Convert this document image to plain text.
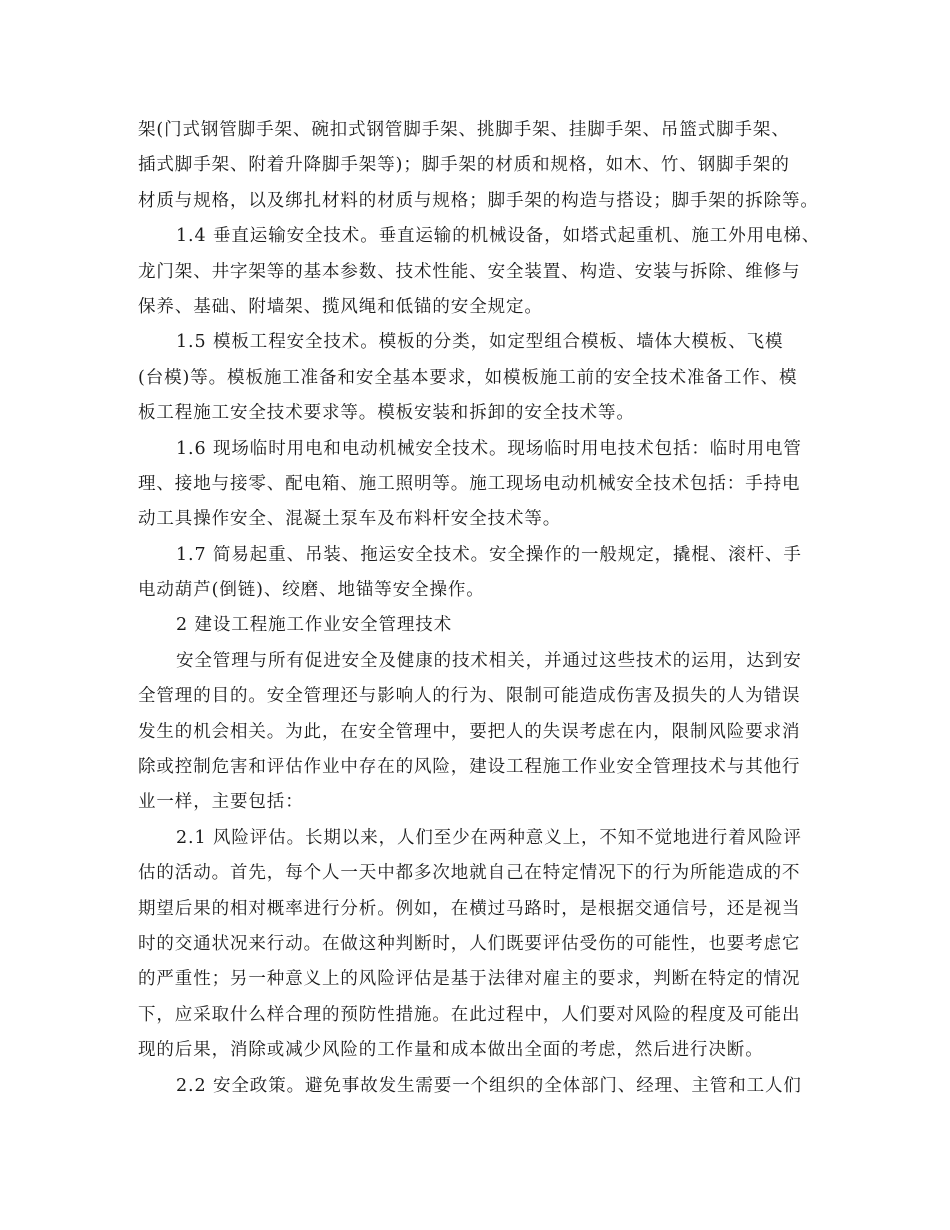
架(门式钢管脚手架、碗扣式钢管脚手架、挑脚手架、挂脚手架、吊篮式脚手架、

插式脚手架、附着升降脚手架等)；脚手架的材质和规格，如木、竹、钢脚手架的

材质与规格，以及绑扎材料的材质与规格；脚手架的构造与搭设；脚手架的拆除等。

1.4 垂直运输安全技术。垂直运输的机械设备，如塔式起重机、施工外用电梯、

龙门架、井字架等的基本参数、技术性能、安全装置、构造、安装与拆除、维修与

保养、基础、附墙架、揽风绳和低锚的安全规定。

1.5 模板工程安全技术。模板的分类，如定型组合模板、墙体大模板、飞模

(台模)等。模板施工准备和安全基本要求，如模板施工前的安全技术准备工作、模

板工程施工安全技术要求等。模板安装和拆卸的安全技术等。

1.6 现场临时用电和电动机械安全技术。现场临时用电技术包括：临时用电管

理、接地与接零、配电箱、施工照明等。施工现场电动机械安全技术包括：手持电

动工具操作安全、混凝土泵车及布料杆安全技术等。

1.7 简易起重、吊装、拖运安全技术。安全操作的一般规定，撬棍、滚杆、手

电动葫芦(倒链)、绞磨、地锚等安全操作。

2 建设工程施工作业安全管理技术

安全管理与所有促进安全及健康的技术相关，并通过这些技术的运用，达到安

全管理的目的。安全管理还与影响人的行为、限制可能造成伤害及损失的人为错误

发生的机会相关。为此，在安全管理中，要把人的失误考虑在内，限制风险要求消

除或控制危害和评估作业中存在的风险，建设工程施工作业安全管理技术与其他行

业一样，主要包括：

2.1 风险评估。长期以来，人们至少在两种意义上，不知不觉地进行着风险评

估的活动。首先，每个人一天中都多次地就自己在特定情况下的行为所能造成的不

期望后果的相对概率进行分析。例如，在横过马路时，是根据交通信号，还是视当

时的交通状况来行动。在做这种判断时，人们既要评估受伤的可能性，也要考虑它

的严重性；另一种意义上的风险评估是基于法律对雇主的要求，判断在特定的情况

下，应采取什么样合理的预防性措施。在此过程中，人们要对风险的程度及可能出

现的后果，消除或减少风险的工作量和成本做出全面的考虑，然后进行决断。

2.2 安全政策。避免事故发生需要一个组织的全体部门、经理、主管和工人们
